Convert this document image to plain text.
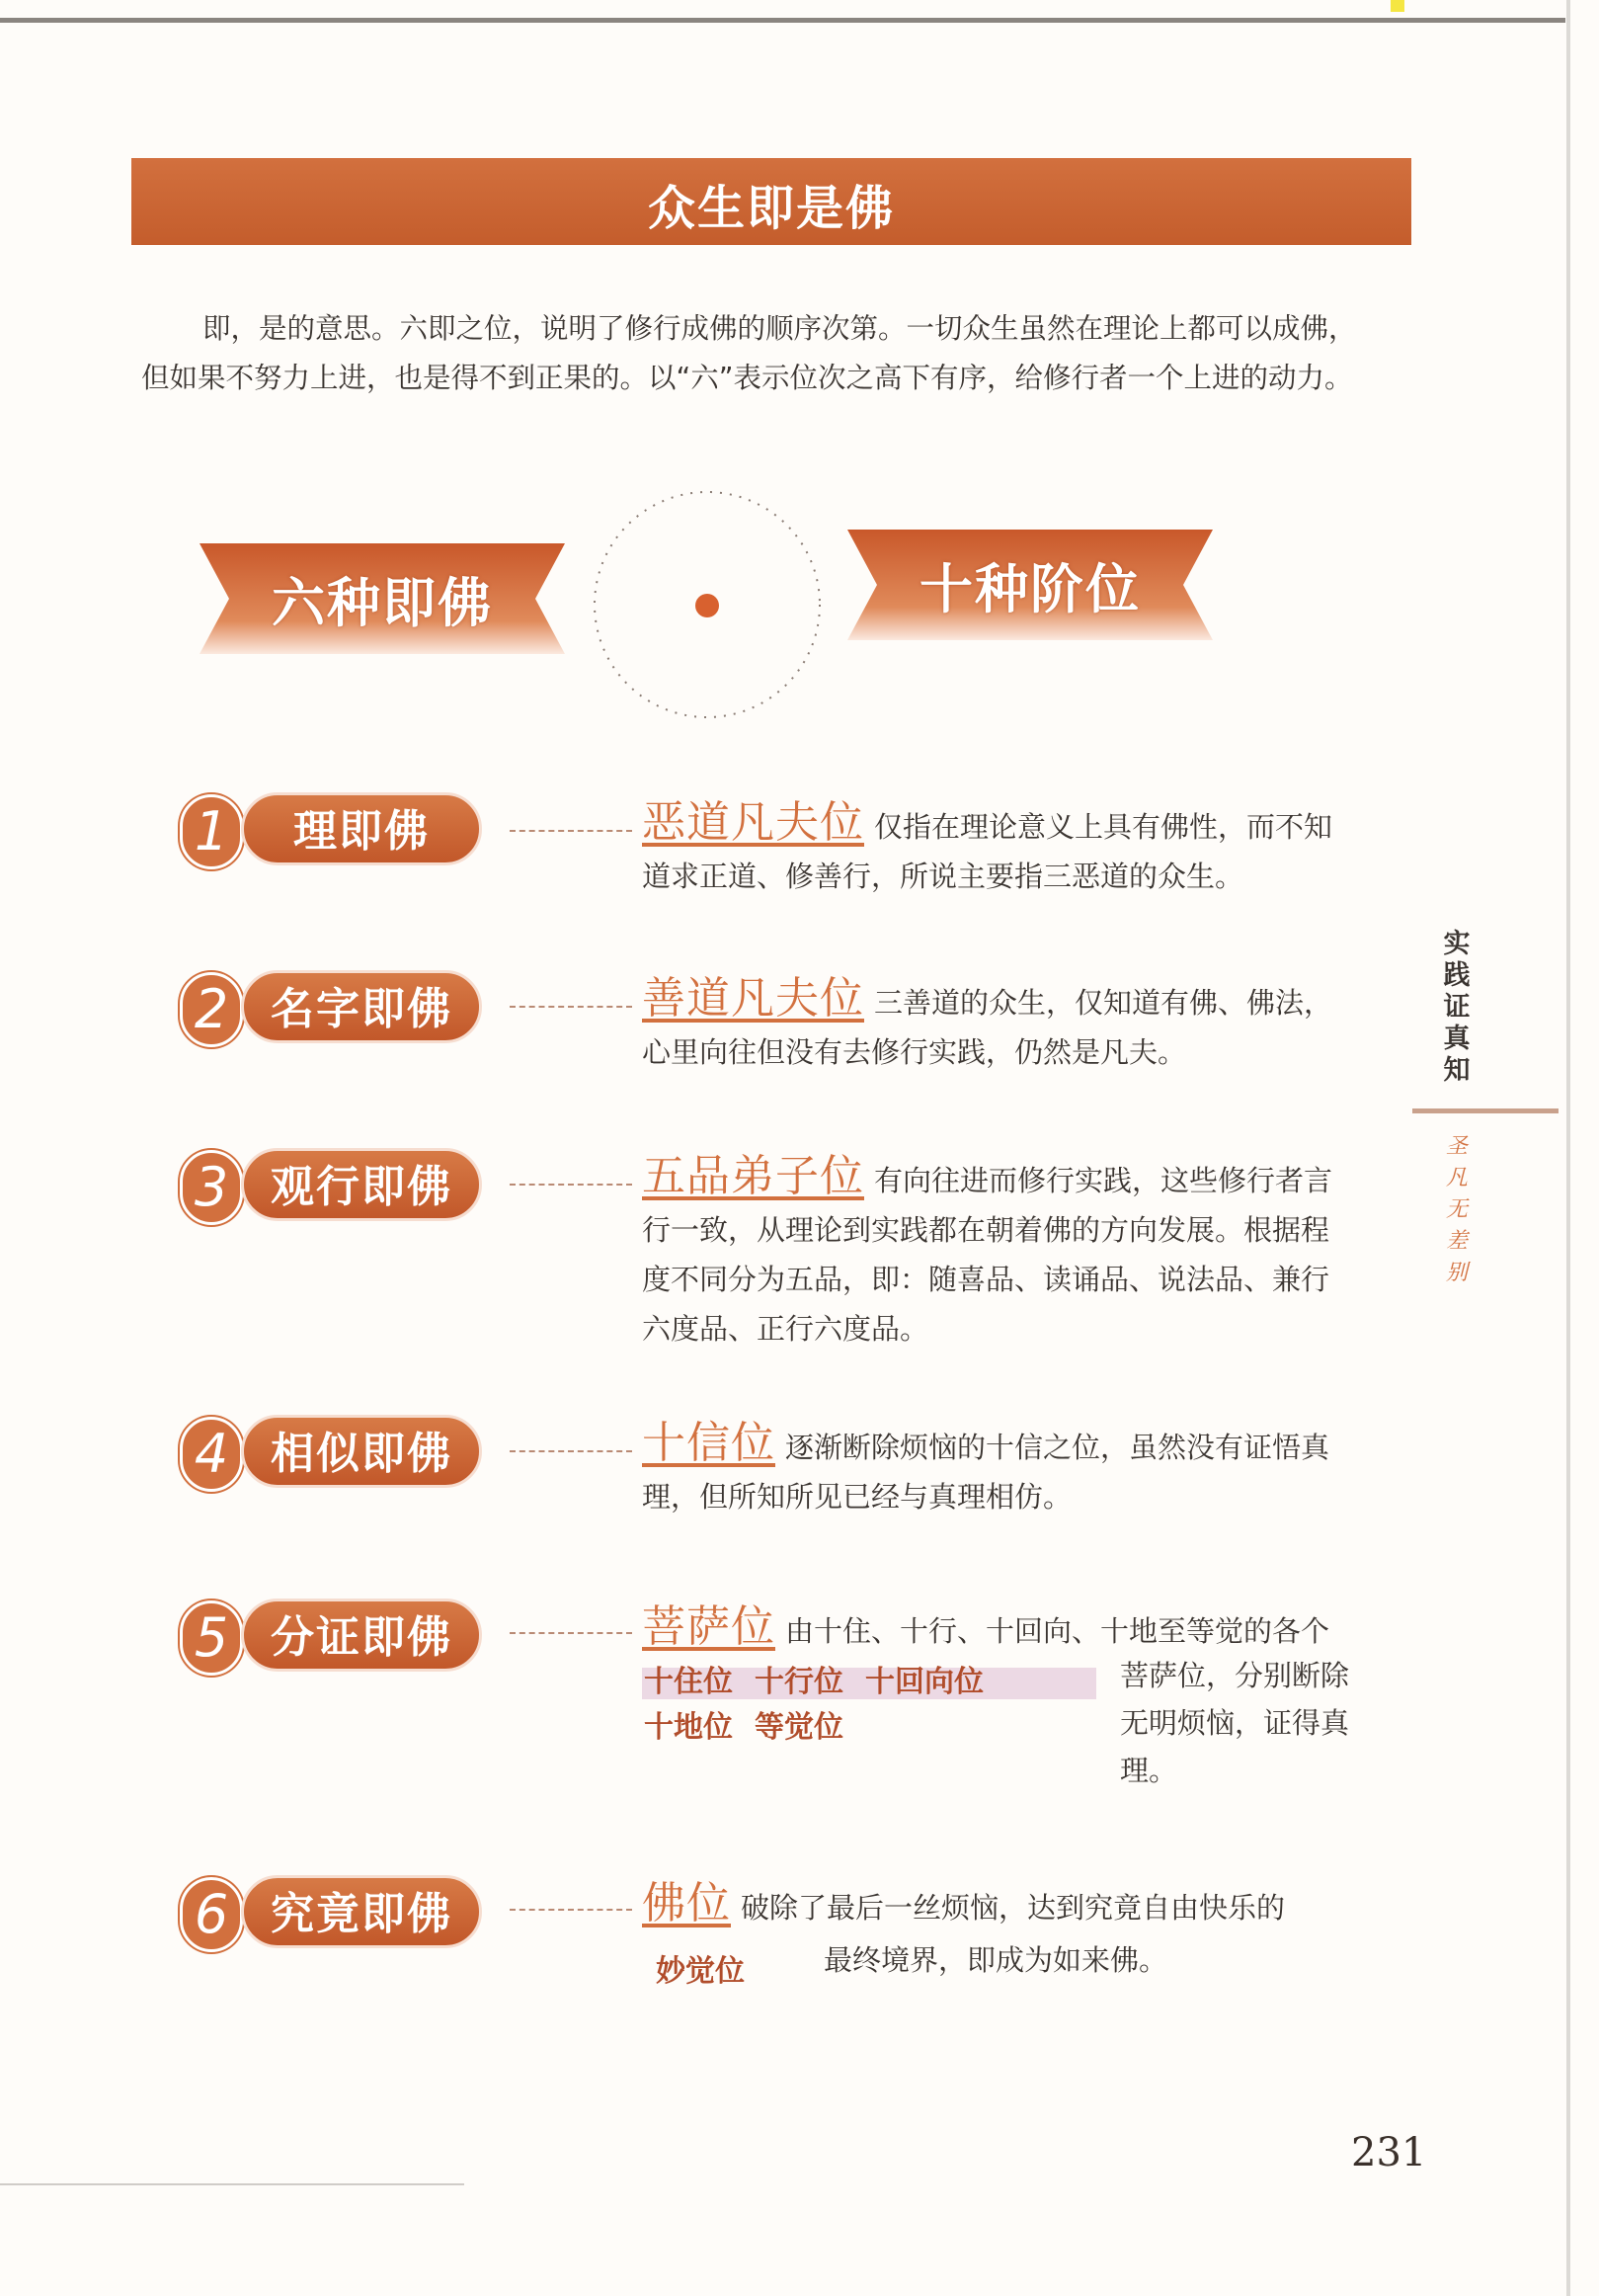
众生即是佛

即，是的意思。六即之位，说明了修行成佛的顺序次第。一切众生虽然在理论上都可以成佛，但如果不努力上进，也是得不到正果的。以“六”表示位次之高下有序，给修行者一个上进的动力。

六种即佛	十种阶位
实践证真知
圣凡无差别
1	理即佛	恶道凡夫位 仅指在理论意义上具有佛性，而不知道求正道、修善行，所说主要指三恶道的众生。
2 名字即佛	善道凡夫位 三善道的众生，仅知道有佛、佛法，心里向往但没有去修行实践，仍然是凡夫。
3 观行即佛	五品弟子位 有向往进而修行实践，这些修行者言行一致，从理论到实践都在朝着佛的方向发展。根据程度不同分为五品，即：随喜品、读诵品、说法品、兼行六度品、正行六度品。
4 相似即佛	十信位 逐渐断除烦恼的十信之位，虽然没有证悟真理，但所知所见已经与真理相仿。
5 分证即佛	菩萨位 由十住、十行、十回向、十地至等觉的各个
十住位 十行位 十回向位
十地位 等觉位
菩萨位，分别断除无明烦恼，证得真理。
6 究竟即佛	佛位 破除了最后一丝烦恼，达到究竟自由快乐的
妙觉位	最终境界，即成为如来佛。
231
